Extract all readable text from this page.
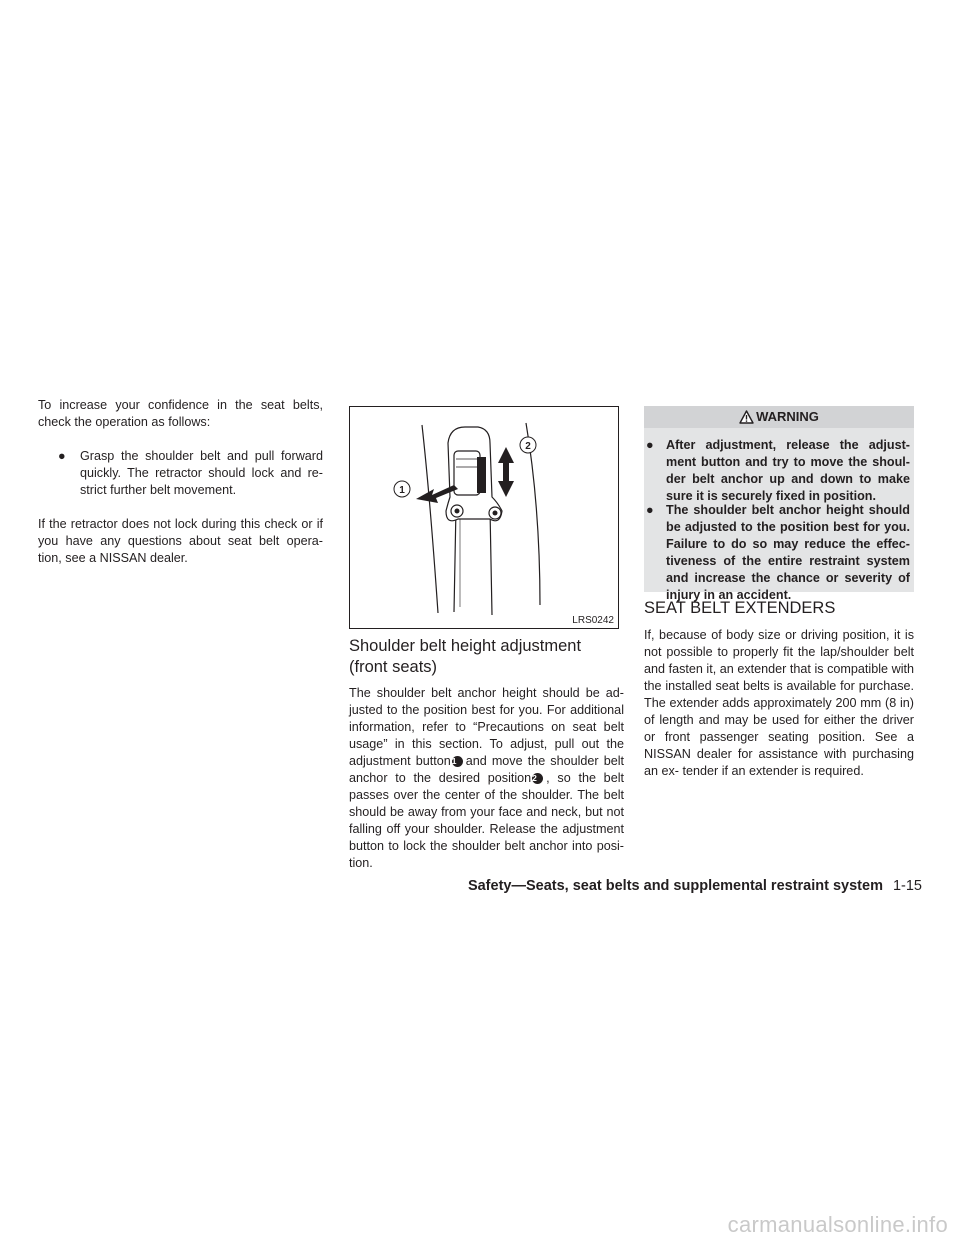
To increase your confidence in the seat belts, check the operation as follows:

● Grasp the shoulder belt and pull forward quickly. The retractor should lock and re- strict further belt movement.

If the retractor does not lock during this check or if you have any questions about seat belt opera- tion, see a NISSAN dealer.

1
2
LRS0242
Shoulder belt height adjustment (front seats)

The shoulder belt anchor height should be ad- justed to the position best for you. For additional information, refer to “Precautions on seat belt usage” in this section. To adjust, pull out the adjustment button1 and move the shoulder belt anchor to the desired position2 , so the belt passes over the center of the shoulder. The belt should be away from your face and neck, but not falling off your shoulder. Release the adjustment button to lock the shoulder belt anchor into posi- tion.

WARNING
● After adjustment, release the adjust- ment button and try to move the shoul- der belt anchor up and down to make sure it is securely fixed in position.

● The shoulder belt anchor height should be adjusted to the position best for you. Failure to do so may reduce the effec- tiveness of the entire restraint system and increase the chance or severity of injury in an accident.

SEAT BELT EXTENDERS

If, because of body size or driving position, it is not possible to properly fit the lap/shoulder belt and fasten it, an extender that is compatible with the installed seat belts is available for purchase. The extender adds approximately 200 mm (8 in) of length and may be used for either the driver or front passenger seating position. See a NISSAN dealer for assistance with purchasing an ex- tender if an extender is required.

Safety—Seats, seat belts and supplemental restraint system 1-15
carmanualsonline.info
